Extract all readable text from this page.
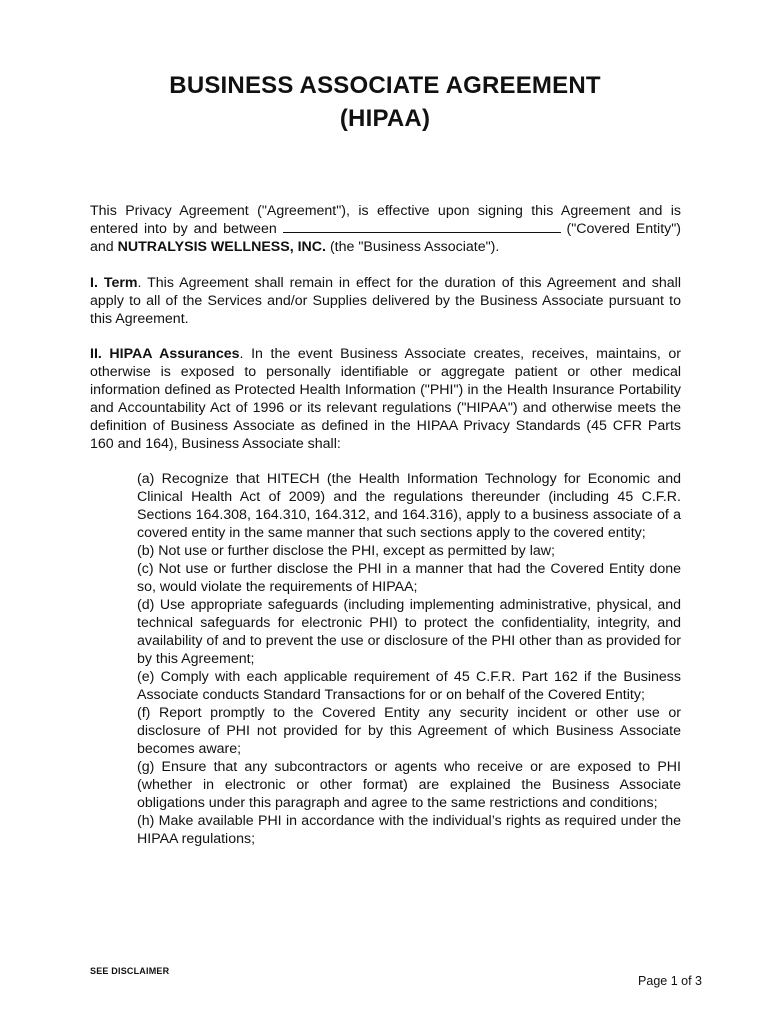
BUSINESS ASSOCIATE AGREEMENT
(HIPAA)
This Privacy Agreement ("Agreement"), is effective upon signing this Agreement and is entered into by and between	("Covered Entity") and NUTRALYSIS WELLNESS, INC. (the "Business Associate").
I. Term. This Agreement shall remain in effect for the duration of this Agreement and shall apply to all of the Services and/or Supplies delivered by the Business Associate pursuant to this Agreement.
II. HIPAA Assurances. In the event Business Associate creates, receives, maintains, or otherwise is exposed to personally identifiable or aggregate patient or other medical information defined as Protected Health Information ("PHI") in the Health Insurance Portability and Accountability Act of 1996 or its relevant regulations ("HIPAA") and otherwise meets the definition of Business Associate as defined in the HIPAA Privacy Standards (45 CFR Parts 160 and 164), Business Associate shall:

(a) Recognize that HITECH (the Health Information Technology for Economic and Clinical Health Act of 2009) and the regulations thereunder (including 45 C.F.R. Sections 164.308, 164.310, 164.312, and 164.316), apply to a business associate of a covered entity in the same manner that such sections apply to the covered entity;

(b) Not use or further disclose the PHI, except as permitted by law;

(c) Not use or further disclose the PHI in a manner that had the Covered Entity done so, would violate the requirements of HIPAA;

(d) Use appropriate safeguards (including implementing administrative, physical, and technical safeguards for electronic PHI) to protect the confidentiality, integrity, and availability of and to prevent the use or disclosure of the PHI other than as provided for by this Agreement;

(e) Comply with each applicable requirement of 45 C.F.R. Part 162 if the Business Associate conducts Standard Transactions for or on behalf of the Covered Entity;

(f) Report promptly to the Covered Entity any security incident or other use or disclosure of PHI not provided for by this Agreement of which Business Associate becomes aware;

(g) Ensure that any subcontractors or agents who receive or are exposed to PHI (whether in electronic or other format) are explained the Business Associate obligations under this paragraph and agree to the same restrictions and conditions;

(h) Make available PHI in accordance with the individual’s rights as required under the HIPAA regulations;

SEE DISCLAIMER
Page 1 of 3
